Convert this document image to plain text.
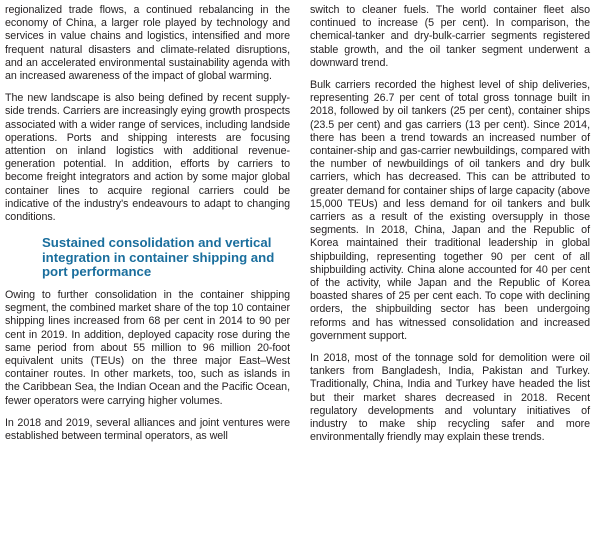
regionalized trade flows, a continued rebalancing in the economy of China, a larger role played by technology and services in value chains and logistics, intensified and more frequent natural disasters and climate-related disruptions, and an accelerated environmental sustainability agenda with an increased awareness of the impact of global warming.

The new landscape is also being defined by recent supply-side trends. Carriers are increasingly eying growth prospects associated with a wider range of services, including landside operations. Ports and shipping interests are focusing attention on inland logistics with additional revenue-generation potential. In addition, efforts by carriers to become freight integrators and action by some major global container lines to acquire regional carriers could be indicative of the industry's endeavours to adapt to changing conditions.

Sustained consolidation and vertical integration in container shipping and port performance

Owing to further consolidation in the container shipping segment, the combined market share of the top 10 container shipping lines increased from 68 per cent in 2014 to 90 per cent in 2019. In addition, deployed capacity rose during the same period from about 55 million to 96 million 20-foot equivalent units (TEUs) on the three major East–West container routes. In other markets, too, such as islands in the Caribbean Sea, the Indian Ocean and the Pacific Ocean, fewer operators were carrying higher volumes.

In 2018 and 2019, several alliances and joint ventures were established between terminal operators, as well

switch to cleaner fuels. The world container fleet also continued to increase (5 per cent). In comparison, the chemical-tanker and dry-bulk-carrier segments registered stable growth, and the oil tanker segment underwent a downward trend.

Bulk carriers recorded the highest level of ship deliveries, representing 26.7 per cent of total gross tonnage built in 2018, followed by oil tankers (25 per cent), container ships (23.5 per cent) and gas carriers (13 per cent). Since 2014, there has been a trend towards an increased number of container-ship and gas-carrier newbuildings, compared with the number of newbuildings of oil tankers and dry bulk carriers, which has decreased. This can be attributed to greater demand for container ships of large capacity (above 15,000 TEUs) and less demand for oil tankers and bulk carriers as a result of the existing oversupply in those segments. In 2018, China, Japan and the Republic of Korea maintained their traditional leadership in global shipbuilding, representing together 90 per cent of all shipbuilding activity. China alone accounted for 40 per cent of the activity, while Japan and the Republic of Korea boasted shares of 25 per cent each. To cope with declining orders, the shipbuilding sector has been undergoing reforms and has witnessed consolidation and increased government support.

In 2018, most of the tonnage sold for demolition were oil tankers from Bangladesh, India, Pakistan and Turkey. Traditionally, China, India and Turkey have headed the list but their market shares decreased in 2018. Recent regulatory developments and voluntary initiatives of industry to make ship recycling safer and more environmentally friendly may explain these trends.
